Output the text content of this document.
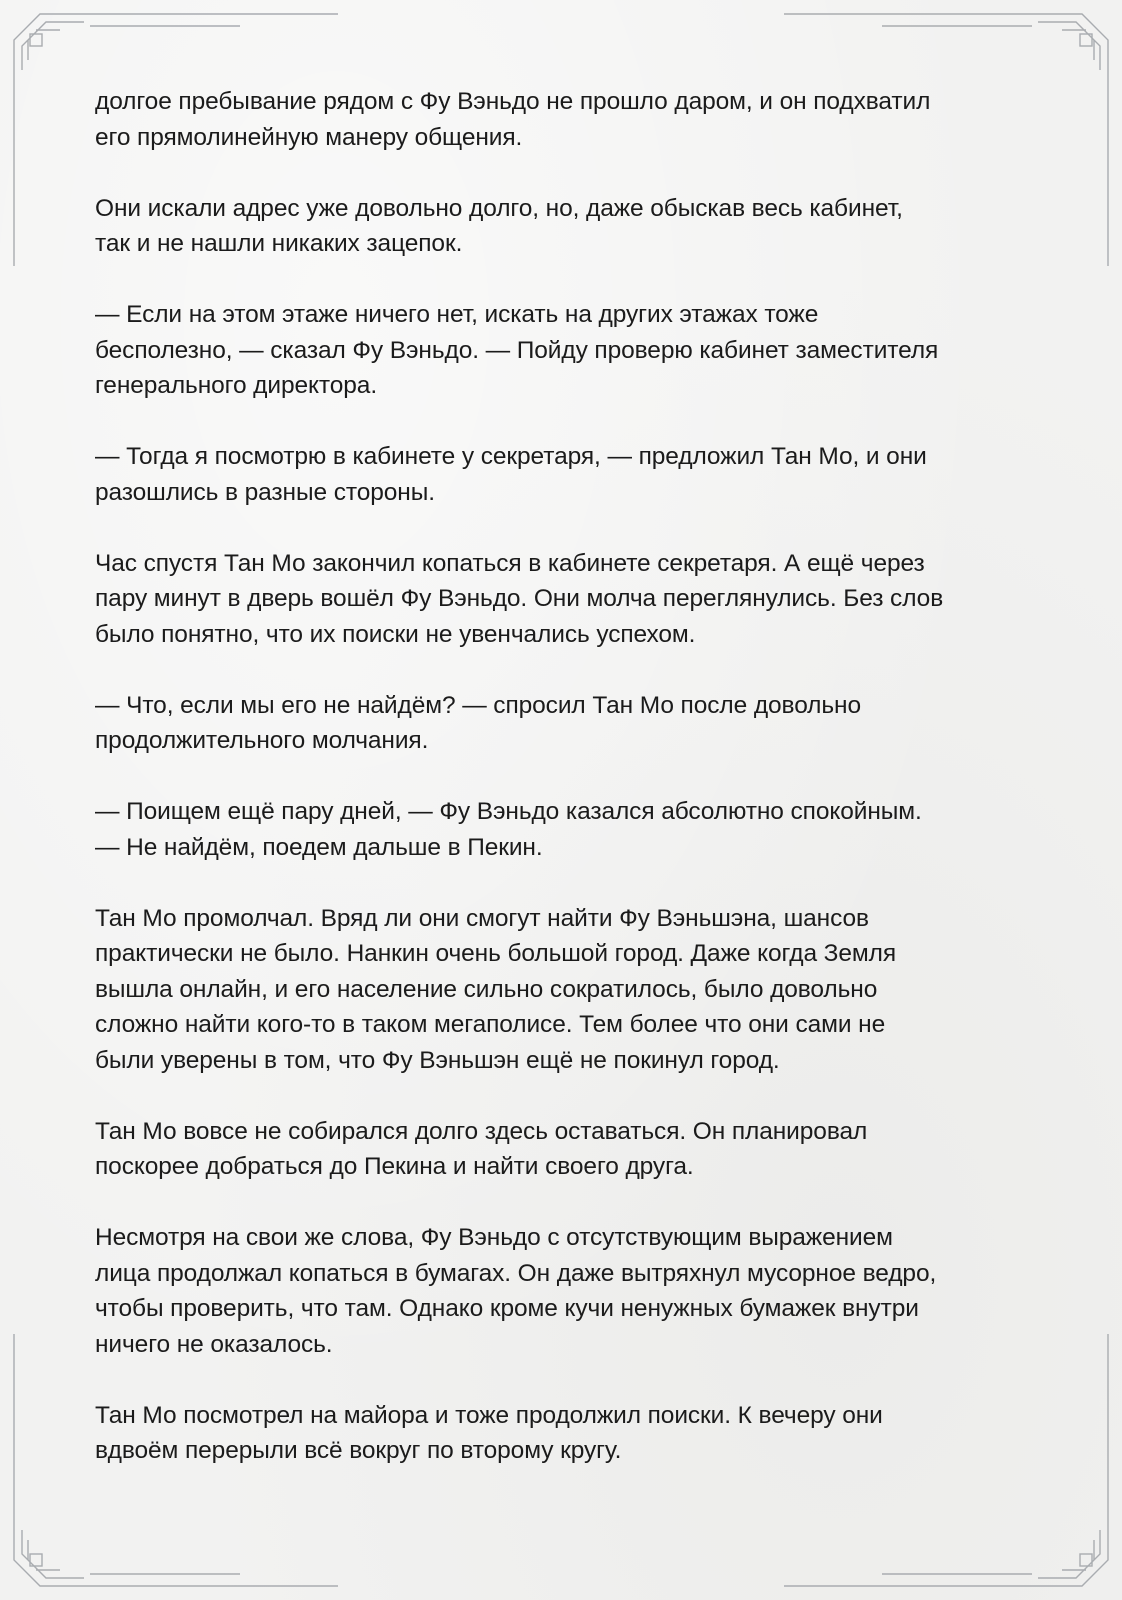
долгое пребывание рядом с Фу Вэньдо не прошло даром, и он подхватил
его прямолинейную манеру общения.

Они искали адрес уже довольно долго, но, даже обыскав весь кабинет,
так и не нашли никаких зацепок.

— Если на этом этаже ничего нет, искать на других этажах тоже
бесполезно, — сказал Фу Вэньдо. — Пойду проверю кабинет заместителя
генерального директора.

— Тогда я посмотрю в кабинете у секретаря, — предложил Тан Мо, и они
разошлись в разные стороны.

Час спустя Тан Мо закончил копаться в кабинете секретаря. А ещё через
пару минут в дверь вошёл Фу Вэньдо. Они молча переглянулись. Без слов
было понятно, что их поиски не увенчались успехом.

— Что, если мы его не найдём? — спросил Тан Мо после довольно
продолжительного молчания.

— Поищем ещё пару дней, — Фу Вэньдо казался абсолютно спокойным.
— Не найдём, поедем дальше в Пекин.

Тан Мо промолчал. Вряд ли они смогут найти Фу Вэньшэна, шансов
практически не было. Нанкин очень большой город. Даже когда Земля
вышла онлайн, и его население сильно сократилось, было довольно
сложно найти кого-то в таком мегаполисе. Тем более что они сами не
были уверены в том, что Фу Вэньшэн ещё не покинул город.

Тан Мо вовсе не собирался долго здесь оставаться. Он планировал
поскорее добраться до Пекина и найти своего друга.

Несмотря на свои же слова, Фу Вэньдо с отсутствующим выражением
лица продолжал копаться в бумагах. Он даже вытряхнул мусорное ведро,
чтобы проверить, что там. Однако кроме кучи ненужных бумажек внутри
ничего не оказалось.

Тан Мо посмотрел на майора и тоже продолжил поиски. К вечеру они
вдвоём перерыли всё вокруг по второму кругу.
